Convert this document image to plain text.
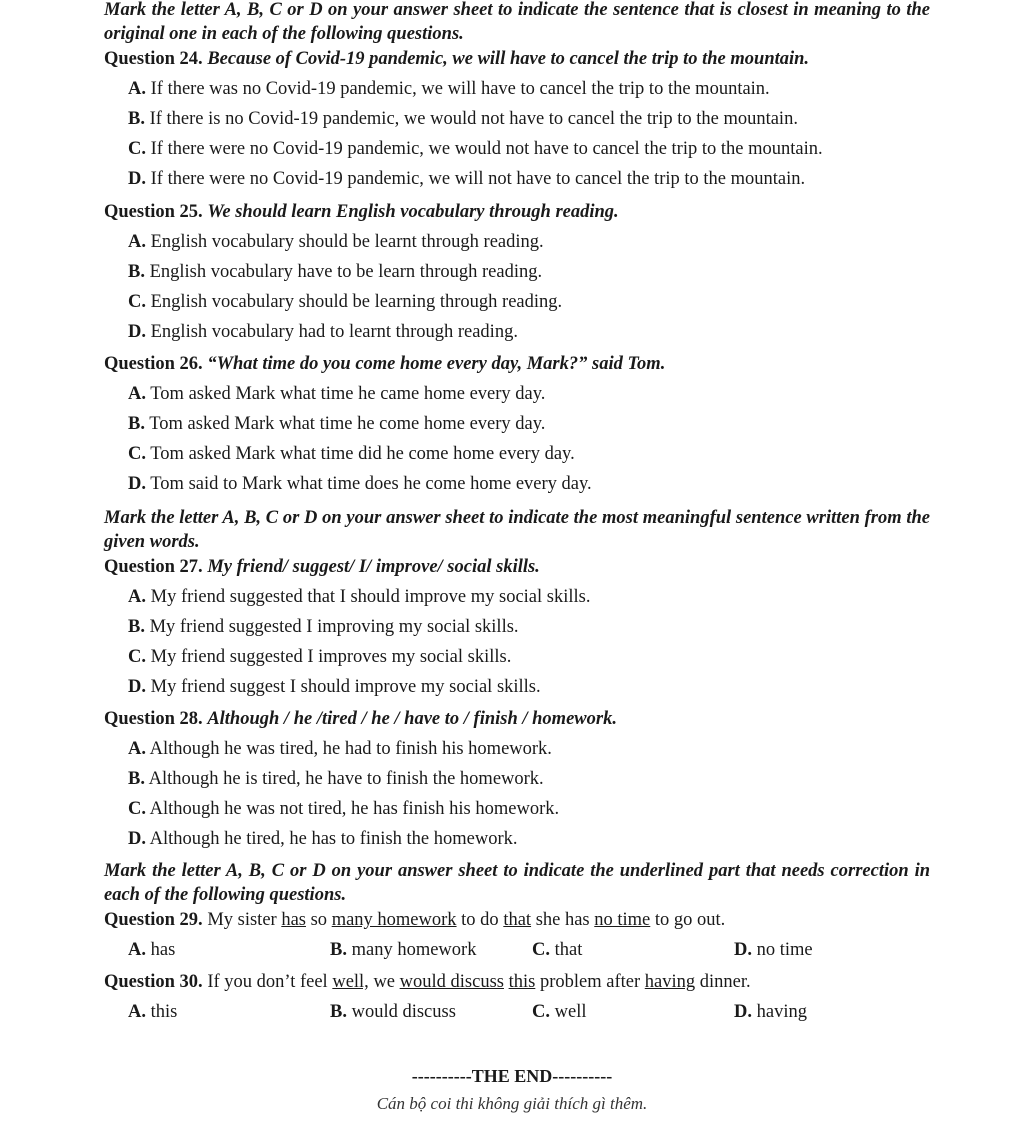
Mark the letter A, B, C or D on your answer sheet to indicate the sentence that is closest in meaning to the original one in each of the following questions.
Question 24. Because of Covid-19 pandemic, we will have to cancel the trip to the mountain.
A. If there was no Covid-19 pandemic, we will have to cancel the trip to the mountain.
B. If there is no Covid-19 pandemic, we would not have to cancel the trip to the mountain.
C. If there were no Covid-19 pandemic, we would not have to cancel the trip to the mountain.
D. If there were no Covid-19 pandemic, we will not have to cancel the trip to the mountain.
Question 25. We should learn English vocabulary through reading.
A. English vocabulary should be learnt through reading.
B. English vocabulary have to be learn through reading.
C. English vocabulary should be learning through reading.
D. English vocabulary had to learnt through reading.
Question 26. “What time do you come home every day, Mark?” said Tom.
A. Tom asked Mark what time he came home every day.
B. Tom asked Mark what time he come home every day.
C. Tom asked Mark what time did he come home every day.
D. Tom said to Mark what time does he come home every day.
Mark the letter A, B, C or D on your answer sheet to indicate the most meaningful sentence written from the given words.
Question 27. My friend/ suggest/ I/ improve/ social skills.
A. My friend suggested that I should improve my social skills.
B. My friend suggested I improving my social skills.
C. My friend suggested I improves my social skills.
D. My friend suggest I should improve my social skills.
Question 28. Although / he /tired / he / have to / finish / homework.
A. Although he was tired, he had to finish his homework.
B. Although he is tired, he have to finish the homework.
C. Although he was not tired, he has finish his homework.
D. Although he tired, he has to finish the homework.
Mark the letter A, B, C or D on your answer sheet to indicate the underlined part that needs correction in each of the following questions.
Question 29. My sister has so many homework to do that she has no time to go out.
A. has	B. many homework	C. that	D. no time
Question 30. If you don’t feel well, we would discuss this problem after having dinner.
A. this	B. would discuss	C. well	D. having
----------THE END----------
Cán bộ coi thi không giải thích gì thêm.
